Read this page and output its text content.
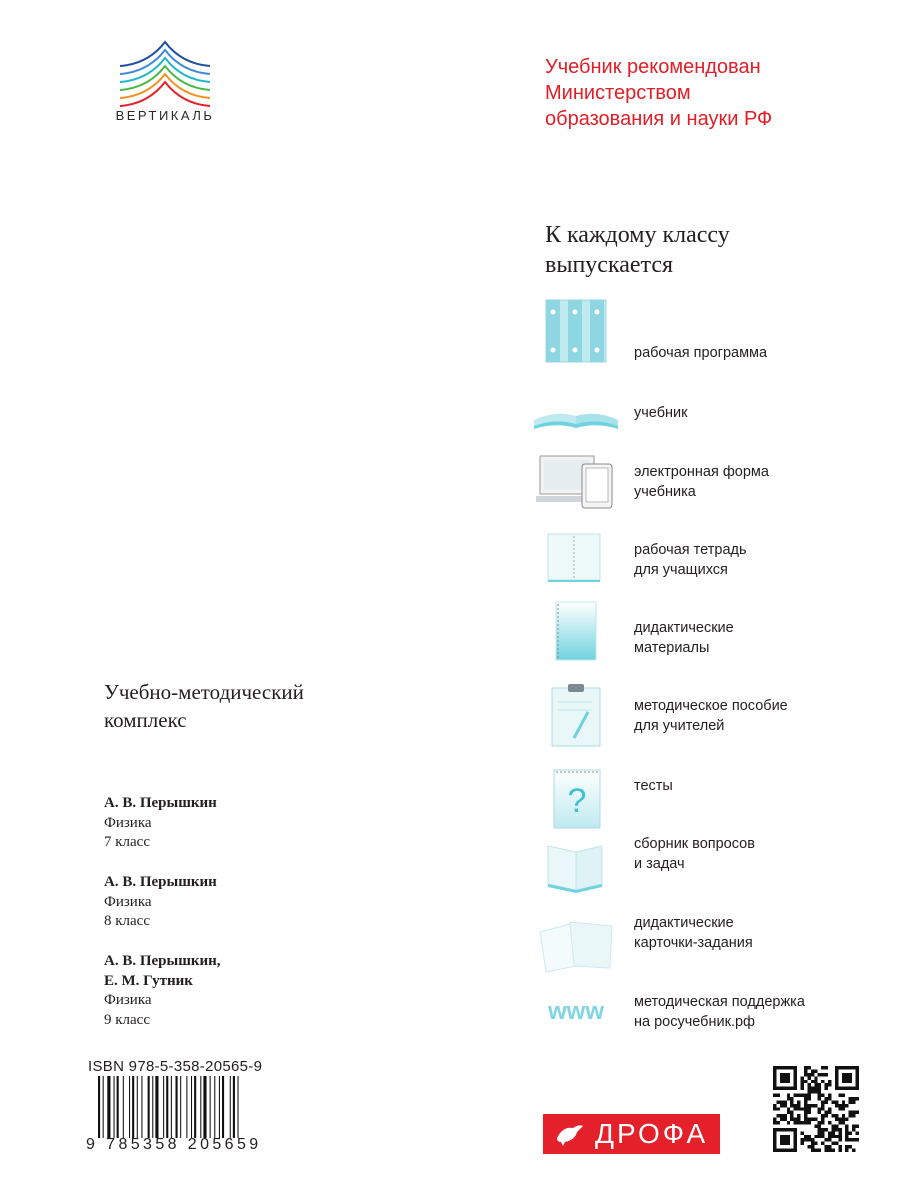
ВЕРТИКАЛЬ
Учебник рекомендован
Министерством
образования и науки РФ
К каждому классу
выпускается
рабочая программа
учебник
электронная форма
учебника
рабочая тетрадь
для учащихся
дидактические
материалы
методическое пособие
для учителей
?	тесты
сборник вопросов
и задач
дидактические
карточки-задания
www методическая поддержка
на росучебник.рф
Учебно-методический
комплекс
А. В. Перышкин
Физика
7 класс
А. В. Перышкин
Физика
8 класс
А. В. Перышкин,
Е. М. Гутник
Физика
9 класс
ISBN 978-5-358-20565-9
9 785358 205659	ДРОФА
